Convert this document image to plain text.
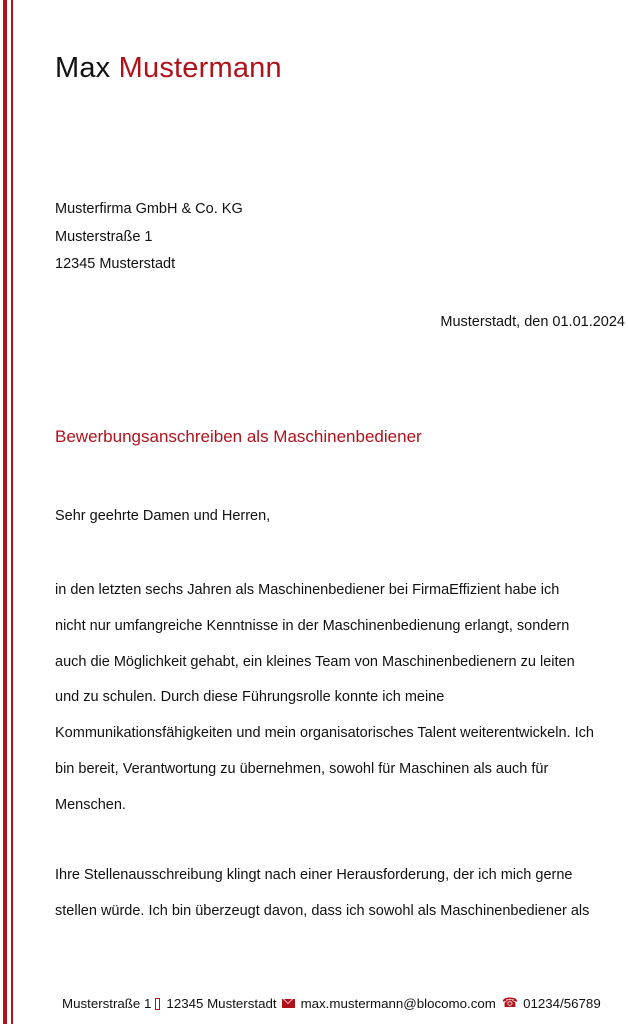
Max Mustermann
Musterfirma GmbH & Co. KG
Musterstraße 1
12345 Musterstadt
Musterstadt, den 01.01.2024
Bewerbungsanschreiben als Maschinenbediener
Sehr geehrte Damen und Herren,
in den letzten sechs Jahren als Maschinenbediener bei FirmaEffizient habe ich
nicht nur umfangreiche Kenntnisse in der Maschinenbedienung erlangt, sondern
auch die Möglichkeit gehabt, ein kleines Team von Maschinenbedienern zu leiten
und zu schulen. Durch diese Führungsrolle konnte ich meine
Kommunikationsfähigkeiten und mein organisatorisches Talent weiterentwickeln. Ich
bin bereit, Verantwortung zu übernehmen, sowohl für Maschinen als auch für
Menschen.
Ihre Stellenausschreibung klingt nach einer Herausforderung, der ich mich gerne
stellen würde. Ich bin überzeugt davon, dass ich sowohl als Maschinenbediener als
Musterstraße 1 12345 Musterstadt max.mustermann@blocomo.com ☎ 01234/56789
